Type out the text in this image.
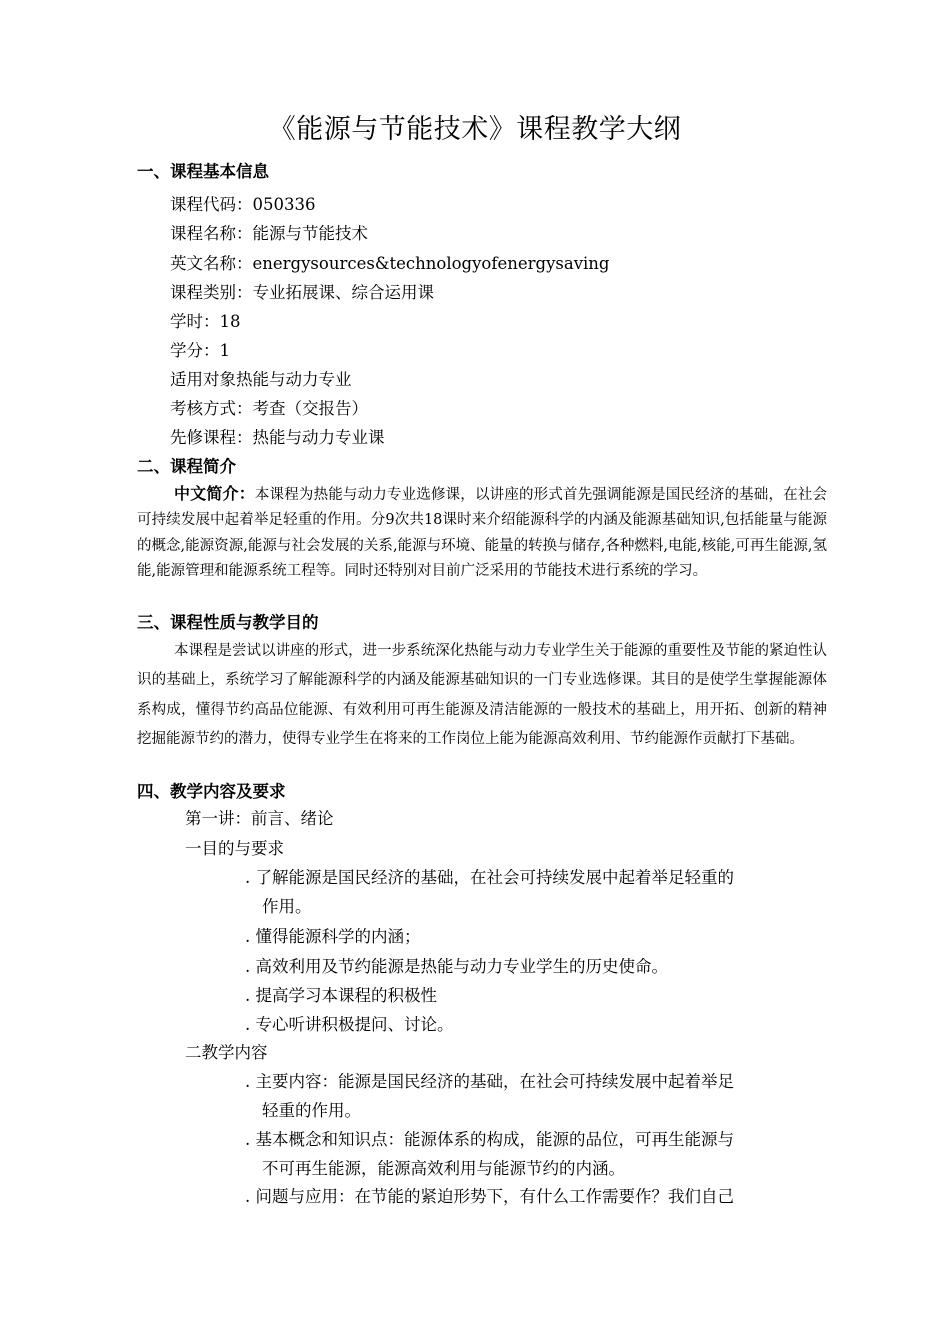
《能源与节能技术》课程教学大纲
一、课程基本信息
课程代码：050336
课程名称：能源与节能技术
英文名称：energysources&technologyofenergysaving
课程类别：专业拓展课、综合运用课
学时：18
学分：1
适用对象热能与动力专业
考核方式：考查（交报告）
先修课程：热能与动力专业课
二、课程简介
中文简介：本课程为热能与动力专业选修课，以讲座的形式首先强调能源是国民经济的基础，在社会可持续发展中起着举足轻重的作用。分9次共18课时来介绍能源科学的内涵及能源基础知识,包括能量与能源的概念,能源资源,能源与社会发展的关系,能源与环境、能量的转换与储存,各种燃料,电能,核能,可再生能源,氢能,能源管理和能源系统工程等。同时还特别对目前广泛采用的节能技术进行系统的学习。
三、课程性质与教学目的
本课程是尝试以讲座的形式，进一步系统深化热能与动力专业学生关于能源的重要性及节能的紧迫性认识的基础上，系统学习了解能源科学的内涵及能源基础知识的一门专业选修课。其目的是使学生掌握能源体系构成，懂得节约高品位能源、有效利用可再生能源及清洁能源的一般技术的基础上，用开拓、创新的精神挖掘能源节约的潜力，使得专业学生在将来的工作岗位上能为能源高效利用、节约能源作贡献打下基础。
四、教学内容及要求
第一讲：前言、绪论
一目的与要求
. 了解能源是国民经济的基础，在社会可持续发展中起着举足轻重的
作用。
. 懂得能源科学的内涵；
. 高效利用及节约能源是热能与动力专业学生的历史使命。
. 提高学习本课程的积极性
. 专心听讲积极提问、讨论。
二教学内容
. 主要内容：能源是国民经济的基础，在社会可持续发展中起着举足
轻重的作用。
. 基本概念和知识点：能源体系的构成，能源的品位，可再生能源与
不可再生能源，能源高效利用与能源节约的内涵。
. 问题与应用：在节能的紧迫形势下，有什么工作需要作？我们自己
